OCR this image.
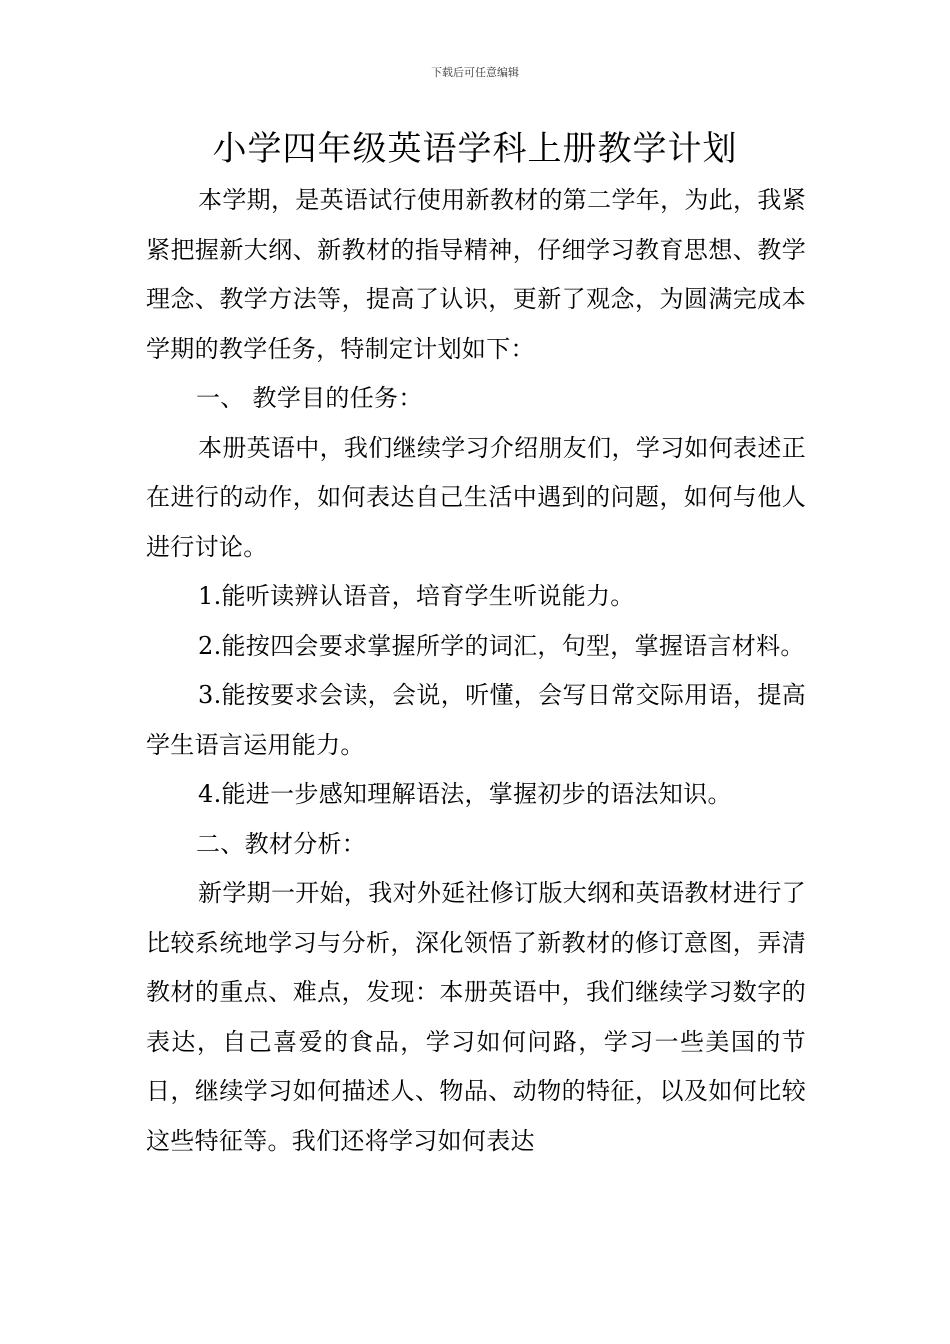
下载后可任意编辑
小学四年级英语学科上册教学计划

本学期，是英语试行使用新教材的第二学年，为此，我紧紧把握新大纲、新教材的指导精神，仔细学习教育思想、教学理念、教学方法等，提高了认识，更新了观念，为圆满完成本学期的教学任务，特制定计划如下：

一、 教学目的任务：

本册英语中，我们继续学习介绍朋友们，学习如何表述正在进行的动作，如何表达自己生活中遇到的问题，如何与他人进行讨论。

1.能听读辨认语音，培育学生听说能力。

2.能按四会要求掌握所学的词汇，句型，掌握语言材料。

3.能按要求会读，会说，听懂，会写日常交际用语，提高学生语言运用能力。

4.能进一步感知理解语法，掌握初步的语法知识。

二、教材分析：

新学期一开始，我对外延社修订版大纲和英语教材进行了比较系统地学习与分析，深化领悟了新教材的修订意图，弄清教材的重点、难点，发现：本册英语中，我们继续学习数字的表达，自己喜爱的食品，学习如何问路，学习一些美国的节日，继续学习如何描述人、物品、动物的特征，以及如何比较这些特征等。我们还将学习如何表达
